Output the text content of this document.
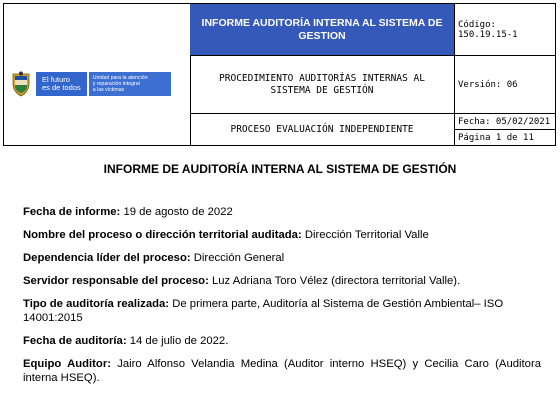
El futuro
es de todos
Unidad para la atención
y reparación integral
a las víctimas
INFORME AUDITORÍA INTERNA AL SISTEMA DE GESTION
PROCEDIMIENTO AUDITORÍAS INTERNAS AL SISTEMA DE GESTIÓN
PROCESO EVALUACIÓN INDEPENDIENTE
Código: 150.19.15-1
Versión: 06
Fecha: 05/02/2021
Página 1 de 11
INFORME DE AUDITORÍA INTERNA AL SISTEMA DE GESTIÓN

Fecha de informe: 19 de agosto de 2022

Nombre del proceso o dirección territorial auditada: Dirección Territorial Valle

Dependencia líder del proceso: Dirección General

Servidor responsable del proceso: Luz Adriana Toro Vélez (directora territorial Valle).

Tipo de auditoría realizada: De primera parte, Auditoría al Sistema de Gestión Ambiental– ISO 14001:2015

Fecha de auditoría: 14 de julio de 2022.

Equipo Auditor: Jairo Alfonso Velandia Medina (Auditor interno HSEQ) y Cecilia Caro (Auditora interna HSEQ).
